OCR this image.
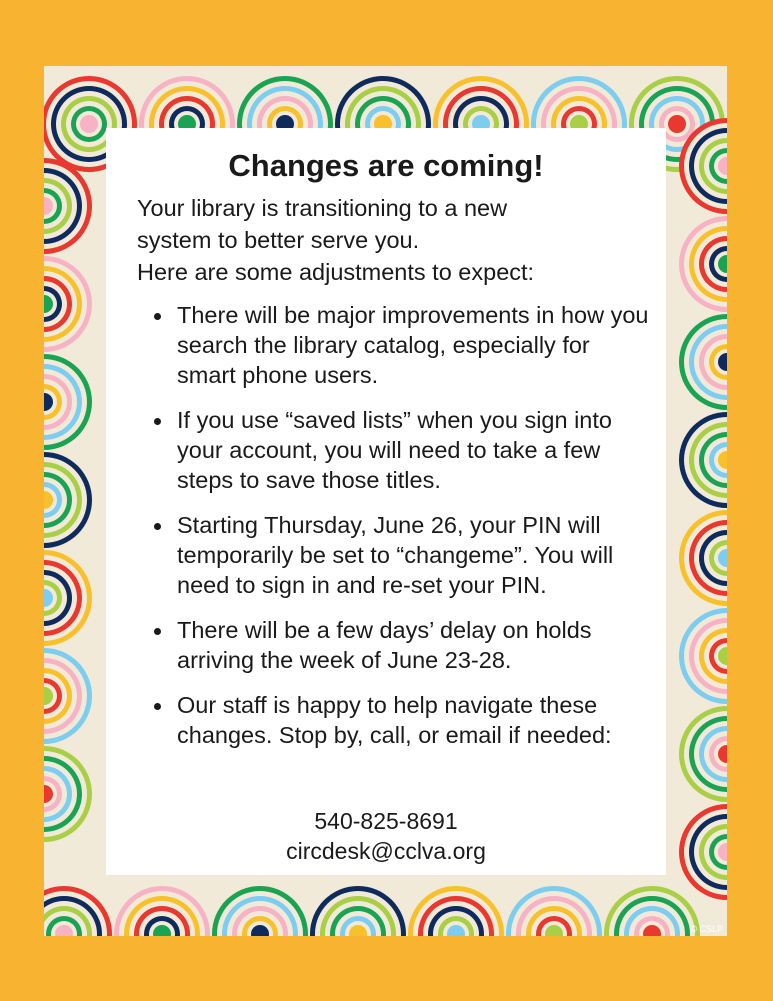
Changes are coming!
Your library is transitioning to a new
system to better serve you.
Here are some adjustments to expect:
There will be major improvements in how you search the library catalog, especially for smart phone users.
If you use “saved lists” when you sign into your account, you will need to take a few steps to save those titles.
Starting Thursday, June 26, your PIN will temporarily be set to “changeme”. You will need to sign in and re-set your PIN.
There will be a few days’ delay on holds arriving the week of June 23-28.
Our staff is happy to help navigate these changes. Stop by, call, or email if needed:
540-825-8691
circdesk@cclva.org
© CSLP
